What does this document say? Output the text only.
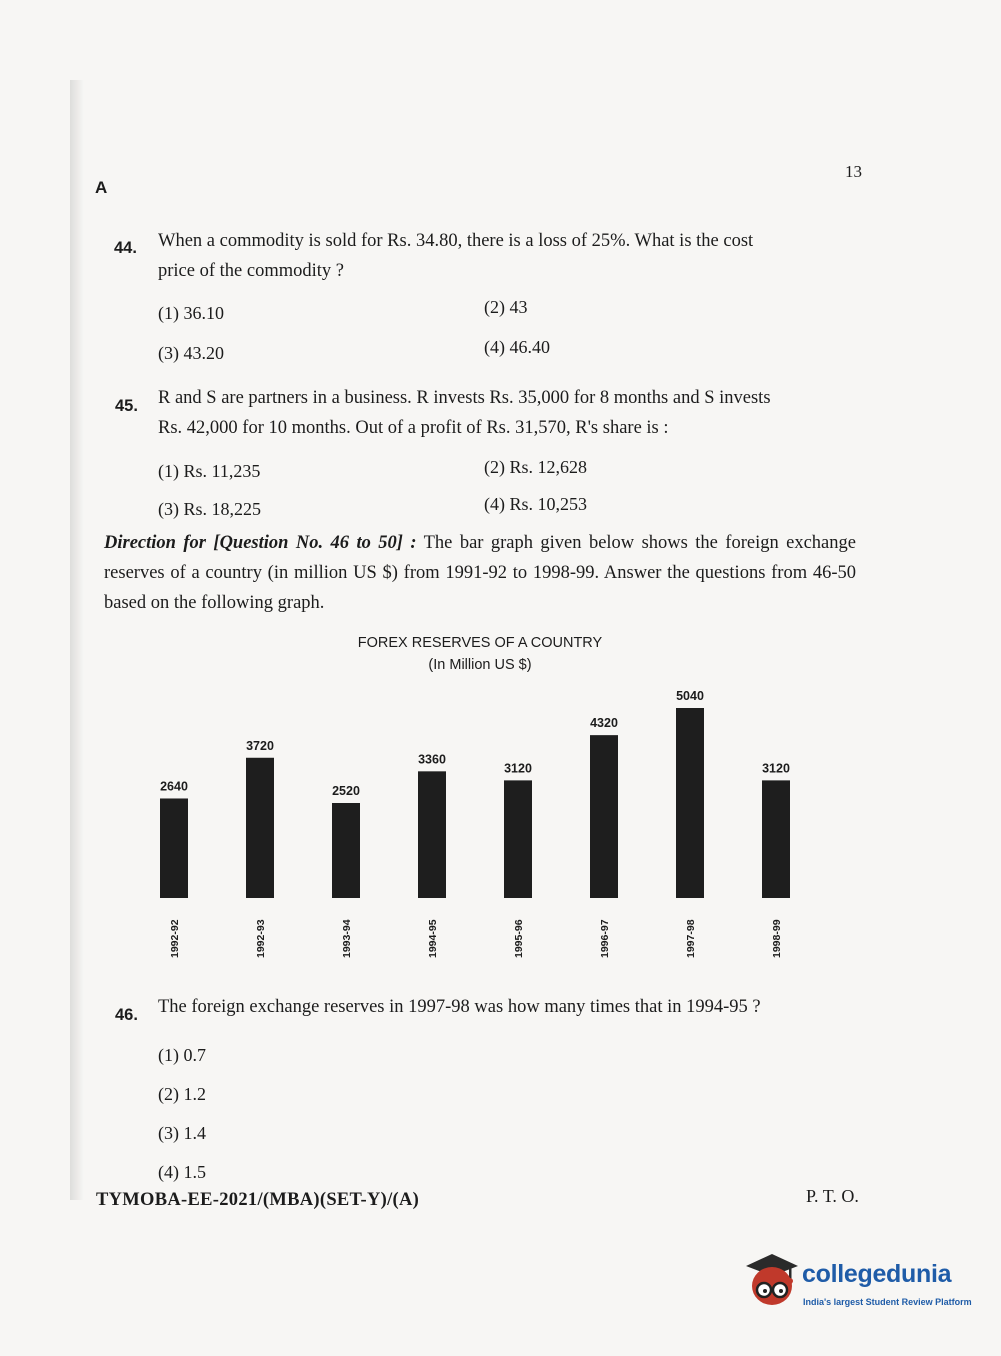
A
13
44. When a commodity is sold for Rs. 34.80, there is a loss of 25%. What is the cost
price of the commodity ?
(1) 36.10	(2) 43
(3) 43.20	(4) 46.40
45. R and S are partners in a business. R invests Rs. 35,000 for 8 months and S invests
Rs. 42,000 for 10 months. Out of a profit of Rs. 31,570, R's share is :
(1) Rs. 11,235	(2) Rs. 12,628
(3) Rs. 18,225	(4) Rs. 10,253
Direction for [Question No. 46 to 50] : The bar graph given below shows the foreign exchange reserves of a country (in million US $) from 1991-92 to 1998-99. Answer the questions from 46-50 based on the following graph.
FOREX RESERVES OF A COUNTRY
(In Million US $)
2640
1992-92
3720
1992-93
2520
1993-94
3360
1994-95
3120
1995-96
4320
1996-97
5040
1997-98
3120
1998-99
46. The foreign exchange reserves in 1997-98 was how many times that in 1994-95 ?
(1) 0.7
(2) 1.2
(3) 1.4
(4) 1.5
TYMOBA-EE-2021/(MBA)(SET-Y)/(A)	P. T. O.
collegedunia
India's largest Student Review Platform
